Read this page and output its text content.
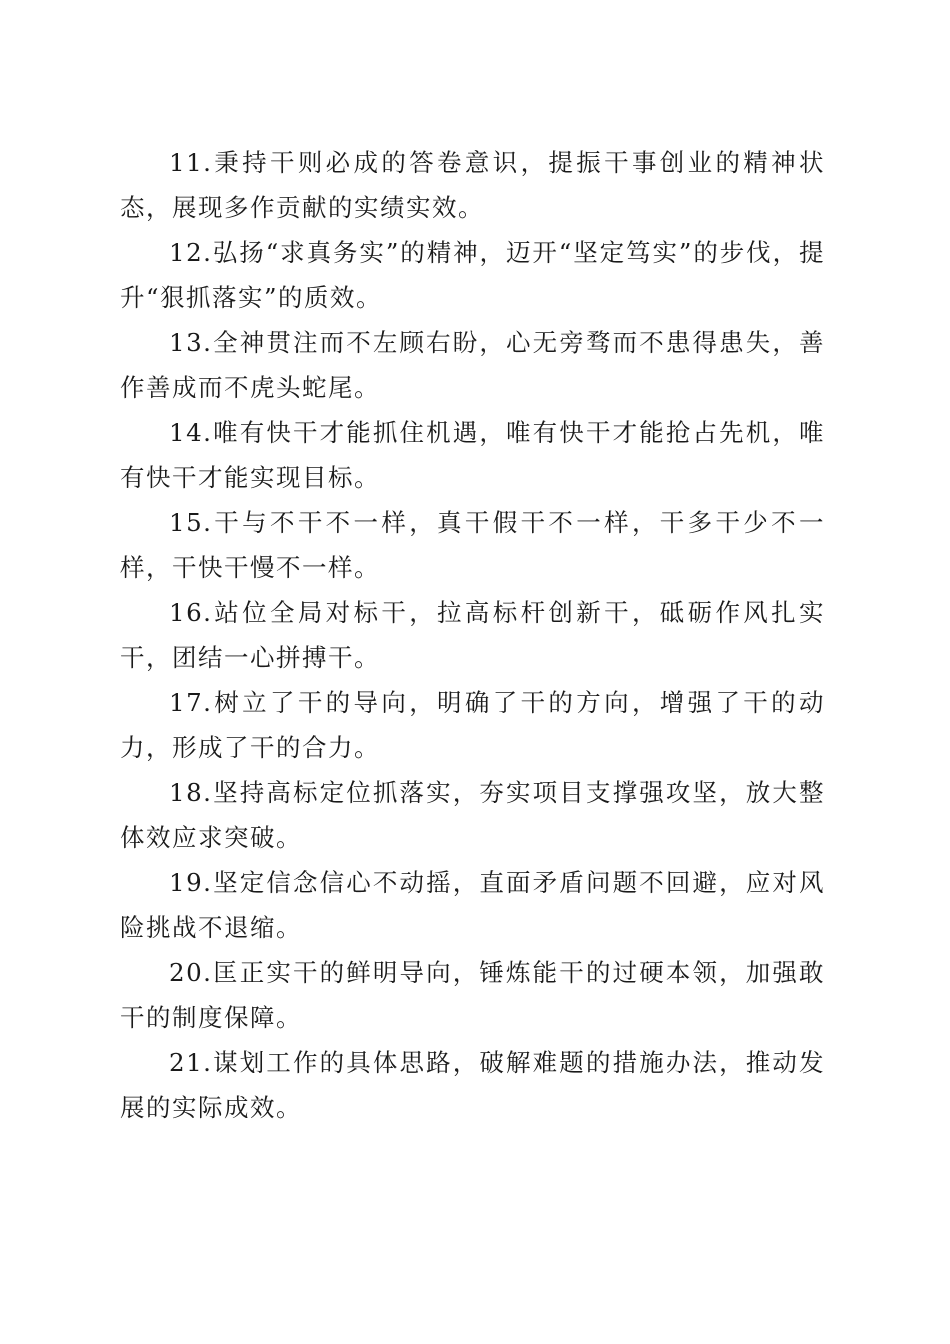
11.秉持干则必成的答卷意识，提振干事创业的精神状态，展现多作贡献的实绩实效。

12.弘扬“求真务实”的精神，迈开“坚定笃实”的步伐，提升“狠抓落实”的质效。

13.全神贯注而不左顾右盼，心无旁骛而不患得患失，善作善成而不虎头蛇尾。

14.唯有快干才能抓住机遇，唯有快干才能抢占先机，唯有快干才能实现目标。

15.干与不干不一样，真干假干不一样，干多干少不一样，干快干慢不一样。

16.站位全局对标干，拉高标杆创新干，砥砺作风扎实干，团结一心拼搏干。

17.树立了干的导向，明确了干的方向，增强了干的动力，形成了干的合力。

18.坚持高标定位抓落实，夯实项目支撑强攻坚，放大整体效应求突破。

19.坚定信念信心不动摇，直面矛盾问题不回避，应对风险挑战不退缩。

20.匡正实干的鲜明导向，锤炼能干的过硬本领，加强敢干的制度保障。

21.谋划工作的具体思路，破解难题的措施办法，推动发展的实际成效。
